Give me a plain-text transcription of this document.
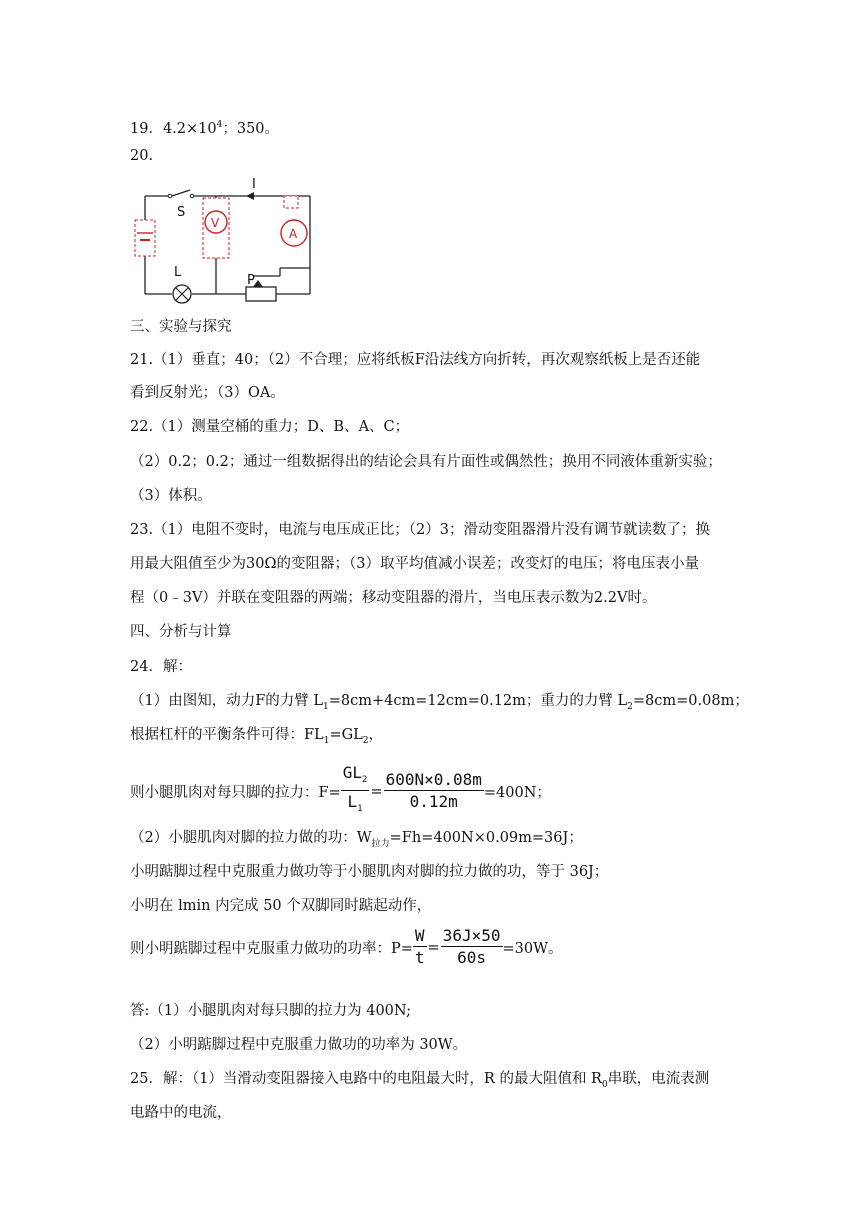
19．$4.2\times 10^4$；350。
20.
S
I
V
A
L
P
三、实验与探究
21.（1）垂直；40；（2）不合理；应将纸板F沿法线方向折转，再次观察纸板上是否还能
看到反射光；（3）OA。
22.（1）测量空桶的重力；D、B、A、C；
（2）0.2；0.2；通过一组数据得出的结论会具有片面性或偶然性；换用不同液体重新实验；
（3）体积。
23.（1）电阻不变时，电流与电压成正比；（2）3；滑动变阻器滑片没有调节就读数了；换
用最大阻值至少为30Ω的变阻器；（3）取平均值减小误差；改变灯的电压；将电压表小量
程（0﹣3V）并联在变阻器的两端；移动变阻器的滑片，当电压表示数为2.2V时。
四、分析与计算
24．解：
（1）由图知，动力F的力臂 $L_1=8cm+4cm=12cm=0.12m$；重力的力臂 $L_2=8cm=0.08m$；
根据杠杆的平衡条件可得：$FL_1=GL_2$，
则小腿肌肉对每只脚的拉力：$F= \frac{GL_2}{L_1} = \frac{600N\times 0.08m}{0.12m} =400N$；
（2）小腿肌肉对脚的拉力做的功：$W_{拉力}=Fh=400N\times 0.09m=36J$；
小明踮脚过程中克服重力做功等于小腿肌肉对脚的拉力做的功，等于 36J；
小明在 lmin 内完成 50 个双脚同时踮起动作，
则小明踮脚过程中克服重力做功的功率：$P= \frac{W}{t} = \frac{36J\times 50}{60s} =30W$。
答:（1）小腿肌肉对每只脚的拉力为 400N;
（2）小明踮脚过程中克服重力做功的功率为 30W。
25．解：（1）当滑动变阻器接入电路中的电阻最大时，R 的最大阻值和 $R_0$串联，电流表测
电路中的电流，
